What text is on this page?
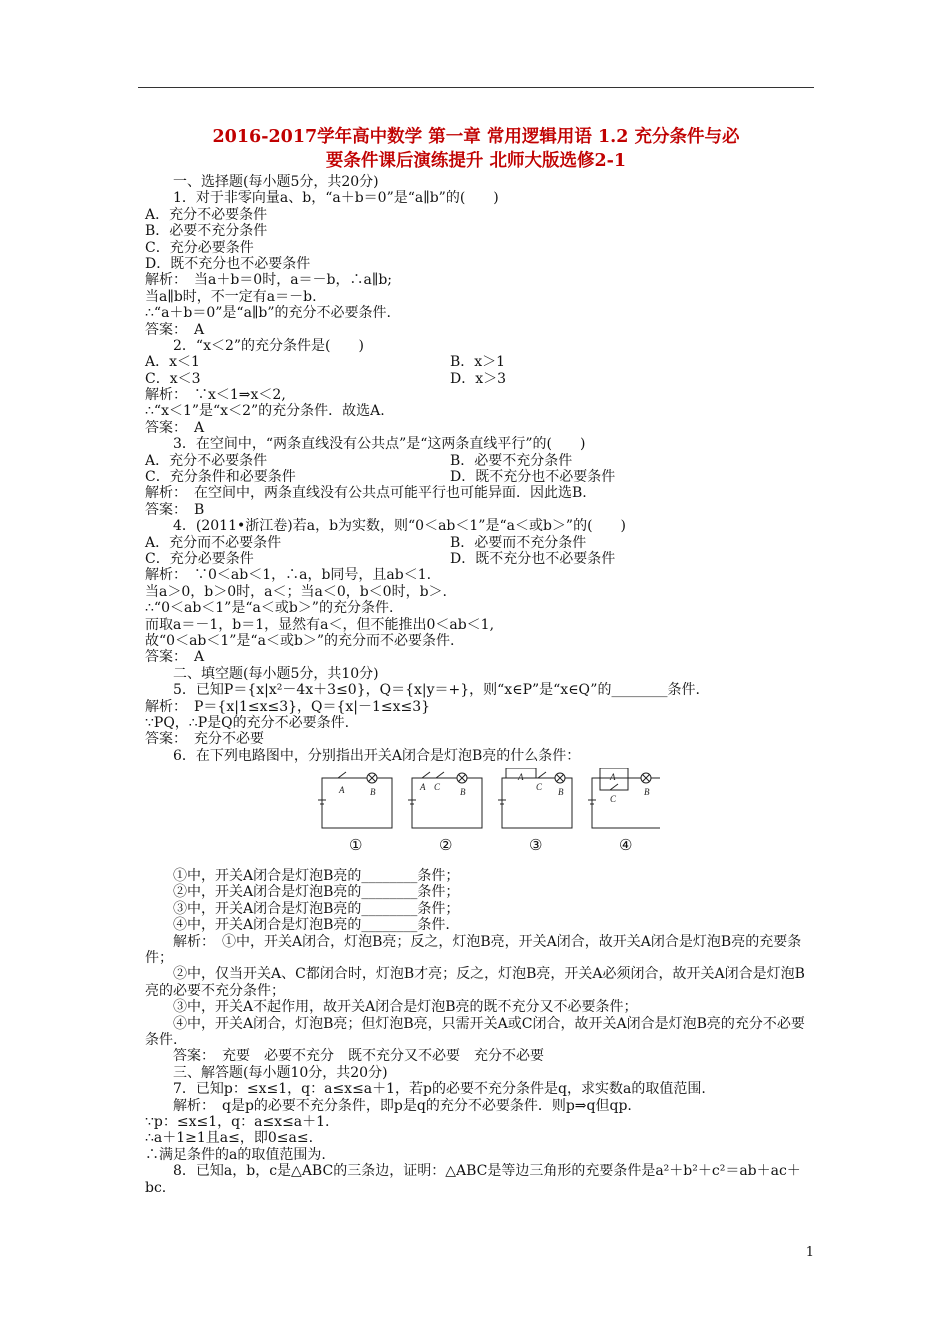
2016-2017学年高中数学 第一章 常用逻辑用语 1.2 充分条件与必
要条件课后演练提升 北师大版选修2-1
一、选择题(每小题5分，共20分)
1．对于非零向量a、b，“a＋b＝0”是“a∥b”的(　　)
A．充分不必要条件
B．必要不充分条件
C．充分必要条件
D．既不充分也不必要条件
解析：　当a＋b＝0时，a＝－b，∴a∥b;
当a∥b时，不一定有a＝－b.
∴“a＋b＝0”是“a∥b”的充分不必要条件.
答案：　A
2．“x＜2”的充分条件是(　　)
A．x＜1	B．x＞1
C．x＜3	D．x＞3
解析：　∵x＜1⇒x＜2,
∴“x＜1”是“x＜2”的充分条件．故选A.
答案：　A
3．在空间中，“两条直线没有公共点”是“这两条直线平行”的(　　)
A．充分不必要条件	B．必要不充分条件
C．充分条件和必要条件	D．既不充分也不必要条件
解析：　在空间中，两条直线没有公共点可能平行也可能异面．因此选B.
答案：　B
4．(2011•浙江卷)若a，b为实数，则“0＜ab＜1”是“a＜或b＞”的(　　)
A．充分而不必要条件	B．必要而不充分条件
C．充分必要条件	D．既不充分也不必要条件
解析：　∵0＜ab＜1，∴a，b同号，且ab＜1.
当a＞0，b＞0时，a＜；当a＜0，b＜0时，b＞.
∴“0＜ab＜1”是“a＜或b＞”的充分条件.
而取a＝－1，b＝1，显然有a＜，但不能推出0＜ab＜1,
故“0＜ab＜1”是“a＜或b＞”的充分而不必要条件.
答案：　A
二、填空题(每小题5分，共10分)
5．已知P＝{x|x²－4x＋3≤0}，Q＝{x|y＝+}，则“x∈P”是“x∈Q”的________条件.
解析：　P＝{x|1≤x≤3}，Q＝{x|－1≤x≤3}
∵PQ，∴P是Q的充分不必要条件.
答案：　充分不必要
6．在下列电路图中，分别指出开关A闭合是灯泡B亮的什么条件：
A	B	A C B
A
C B
A
C
B
①	②	③	④
①中，开关A闭合是灯泡B亮的________条件；
②中，开关A闭合是灯泡B亮的________条件；
③中，开关A闭合是灯泡B亮的________条件；
④中，开关A闭合是灯泡B亮的________条件.
解析：　①中，开关A闭合，灯泡B亮；反之，灯泡B亮，开关A闭合，故开关A闭合是灯泡B亮的充要条件；
②中，仅当开关A、C都闭合时，灯泡B才亮；反之，灯泡B亮，开关A必须闭合，故开关A闭合是灯泡B亮的必要不充分条件；
③中，开关A不起作用，故开关A闭合是灯泡B亮的既不充分又不必要条件；
④中，开关A闭合，灯泡B亮；但灯泡B亮，只需开关A或C闭合，故开关A闭合是灯泡B亮的充分不必要条件.
答案：　充要　必要不充分　既不充分又不必要　充分不必要
三、解答题(每小题10分，共20分)
7．已知p：≤x≤1，q：a≤x≤a＋1，若p的必要不充分条件是q，求实数a的取值范围.
解析：　q是p的必要不充分条件，即p是q的充分不必要条件．则p⇒q但qp.
∵p：≤x≤1，q：a≤x≤a＋1.
∴a＋1≥1且a≤，即0≤a≤.
∴满足条件的a的取值范围为.
8．已知a，b，c是△ABC的三条边，证明：△ABC是等边三角形的充要条件是a²＋b²＋c²＝ab＋ac＋bc.
1
